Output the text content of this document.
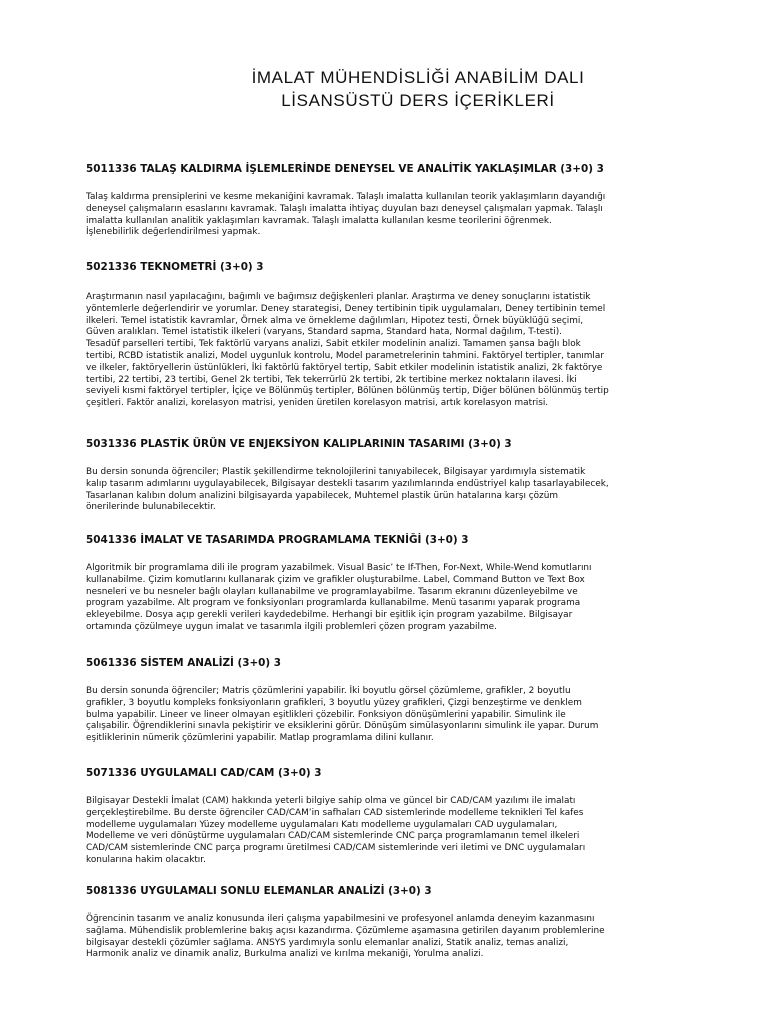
İMALAT MÜHENDİSLİĞİ ANABİLİM DALI
LİSANSÜSTÜ DERS İÇERİKLERİ
5011336 TALAŞ KALDIRMA İŞLEMLERİNDE DENEYSEL VE ANALİTİK YAKLAŞIMLAR (3+0) 3
Talaş kaldırma prensiplerini ve kesme mekaniğini kavramak. Talaşlı imalatta kullanılan teorik yaklaşımların dayandığı
deneysel çalışmaların esaslarını kavramak. Talaşlı imalatta ihtiyaç duyulan bazı deneysel çalışmaları yapmak. Talaşlı
imalatta kullanılan analitik yaklaşımları kavramak. Talaşlı imalatta kullanılan kesme teorilerini öğrenmek.
İşlenebilirlik değerlendirilmesi yapmak.
5021336 TEKNOMETRİ (3+0) 3
Araştırmanın nasıl yapılacağını, bağımlı ve bağımsız değişkenleri planlar. Araştırma ve deney sonuçlarını istatistik
yöntemlerle değerlendirir ve yorumlar. Deney starategisi, Deney tertibinin tipik uygulamaları, Deney tertibinin temel
ilkeleri. Temel istatistik kavramlar, Örnek alma ve örnekleme dağılımları, Hipotez testi, Örnek büyüklüğü seçimi,
Güven aralıkları. Temel istatistik ilkeleri (varyans, Standard sapma, Standard hata, Normal dağılım, T-testi).
Tesadüf parselleri tertibi, Tek faktörlü varyans analizi, Sabit etkiler modelinin analizi. Tamamen şansa bağlı blok
tertibi, RCBD istatistik analizi, Model uygunluk kontrolu, Model parametrelerinin tahmini. Faktöryel tertipler, tanımlar
ve ilkeler, faktöryellerin üstünlükleri, İki faktörlü faktöryel tertip, Sabit etkiler modelinin istatistik analizi, 2k faktörye
tertibi, 22 tertibi, 23 tertibi, Genel 2k tertibi, Tek tekerrürlü 2k tertibi, 2k tertibine merkez noktaların ilavesi. İki
seviyeli kısmi faktöryel tertipler, İçiçe ve Bölünmüş tertipler, Bölünen bölünmüş tertip, Diğer bölünen bölünmüş tertip
çeşitleri. Faktör analizi, korelasyon matrisi, yeniden üretilen korelasyon matrisi, artık korelasyon matrisi.
5031336 PLASTİK ÜRÜN VE ENJEKSİYON KALIPLARININ TASARIMI (3+0) 3
Bu dersin sonunda öğrenciler; Plastik şekillendirme teknolojilerini tanıyabilecek, Bilgisayar yardımıyla sistematik
kalıp tasarım adımlarını uygulayabilecek, Bilgisayar destekli tasarım yazılımlarında endüstriyel kalıp tasarlayabilecek,
Tasarlanan kalıbın dolum analizini bilgisayarda yapabilecek, Muhtemel plastik ürün hatalarına karşı çözüm
önerilerinde bulunabilecektir.
5041336 İMALAT VE TASARIMDA PROGRAMLAMA TEKNİĞİ (3+0) 3
Algoritmik bir programlama dili ile program yazabilmek. Visual Basic’ te If-Then, For-Next, While-Wend komutlarını
kullanabilme. Çizim komutlarını kullanarak çizim ve grafikler oluşturabilme. Label, Command Button ve Text Box
nesneleri ve bu nesneler bağlı olayları kullanabilme ve programlayabilme. Tasarım ekranını düzenleyebilme ve
program yazabilme. Alt program ve fonksiyonları programlarda kullanabilme. Menü tasarımı yaparak programa
ekleyebilme. Dosya açıp gerekli verileri kaydedebilme. Herhangi bir eşitlik için program yazabilme. Bilgisayar
ortamında çözülmeye uygun imalat ve tasarımla ilgili problemleri çözen program yazabilme.
5061336 SİSTEM ANALİZİ (3+0) 3
Bu dersin sonunda öğrenciler; Matris çözümlerini yapabilir. İki boyutlu görsel çözümleme, grafikler, 2 boyutlu
grafikler, 3 boyutlu kompleks fonksiyonların grafikleri, 3 boyutlu yüzey grafikleri, Çizgi benzeştirme ve denklem
bulma yapabilir. Lineer ve lineer olmayan eşitlikleri çözebilir. Fonksiyon dönüşümlerini yapabilir. Simulink ile
çalışabilir. Öğrendiklerini sınavla pekiştirir ve eksiklerini görür. Dönüşüm simülasyonlarını simulink ile yapar. Durum
eşitliklerinin nümerik çözümlerini yapabilir. Matlap programlama dilini kullanır.
5071336 UYGULAMALI CAD/CAM (3+0) 3
Bilgisayar Destekli İmalat (CAM) hakkında yeterli bilgiye sahip olma ve güncel bir CAD/CAM yazılımı ile imalatı
gerçekleştirebilme. Bu derste öğrenciler CAD/CAM’in safhaları CAD sistemlerinde modelleme teknikleri Tel kafes
modelleme uygulamaları Yüzey modelleme uygulamaları Katı modelleme uygulamaları CAD uygulamaları,
Modelleme ve veri dönüştürme uygulamaları CAD/CAM sistemlerinde CNC parça programlamanın temel ilkeleri
CAD/CAM sistemlerinde CNC parça programı üretilmesi CAD/CAM sistemlerinde veri iletimi ve DNC uygulamaları
konularına hakim olacaktır.
5081336 UYGULAMALI SONLU ELEMANLAR ANALİZİ (3+0) 3
Öğrencinin tasarım ve analiz konusunda ileri çalışma yapabilmesini ve profesyonel anlamda deneyim kazanmasını
sağlama. Mühendislik problemlerine bakış açısı kazandırma. Çözümleme aşamasına getirilen dayanım problemlerine
bilgisayar destekli çözümler sağlama. ANSYS yardımıyla sonlu elemanlar analizi, Statik analiz, temas analizi,
Harmonik analiz ve dinamik analiz, Burkulma analizi ve kırılma mekaniği, Yorulma analizi.
